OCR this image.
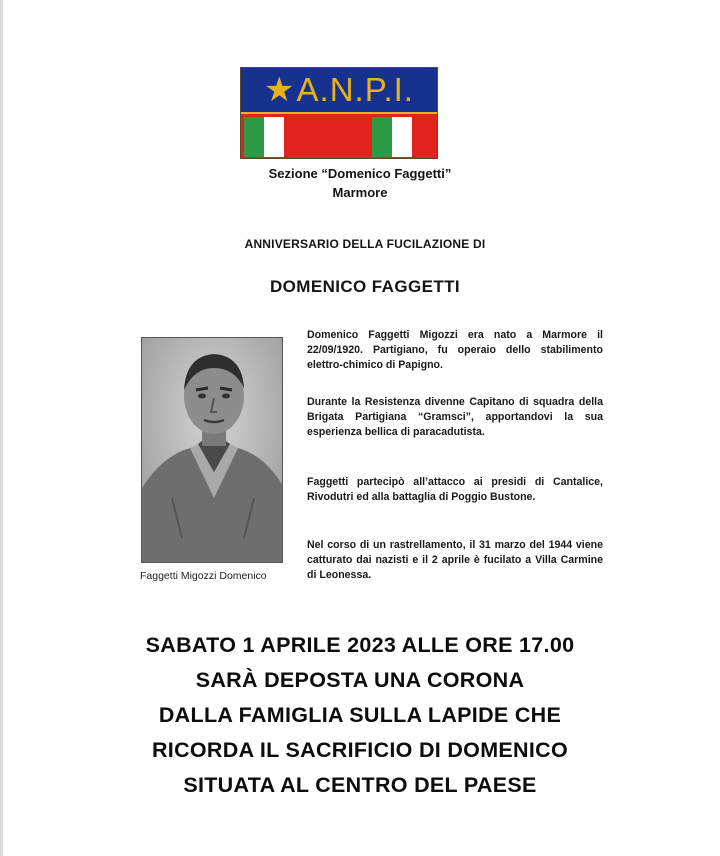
★ A.N.P.I.
Sezione “Domenico Faggetti”
Marmore
ANNIVERSARIO DELLA FUCILAZIONE DI
DOMENICO FAGGETTI
Faggetti Migozzi Domenico

Domenico Faggetti Migozzi era nato a Marmore il 22/09/1920. Partigiano, fu operaio dello stabilimento elettro-chimico di Papigno.

Durante la Resistenza divenne Capitano di squadra della Brigata Partigiana “Gramsci”, apportandovi la sua esperienza bellica di paracadutista.

Faggetti partecipò all’attacco ai presidi di Cantalice, Rivodutri ed alla battaglia di Poggio Bustone.

Nel corso di un rastrellamento, il 31 marzo del 1944 viene catturato dai nazisti e il 2 aprile è fucilato a Villa Carmine di Leonessa.

SABATO 1 APRILE 2023 ALLE ORE 17.00
SARÀ DEPOSTA UNA CORONA
DALLA FAMIGLIA SULLA LAPIDE CHE
RICORDA IL SACRIFICIO DI DOMENICO
SITUATA AL CENTRO DEL PAESE
